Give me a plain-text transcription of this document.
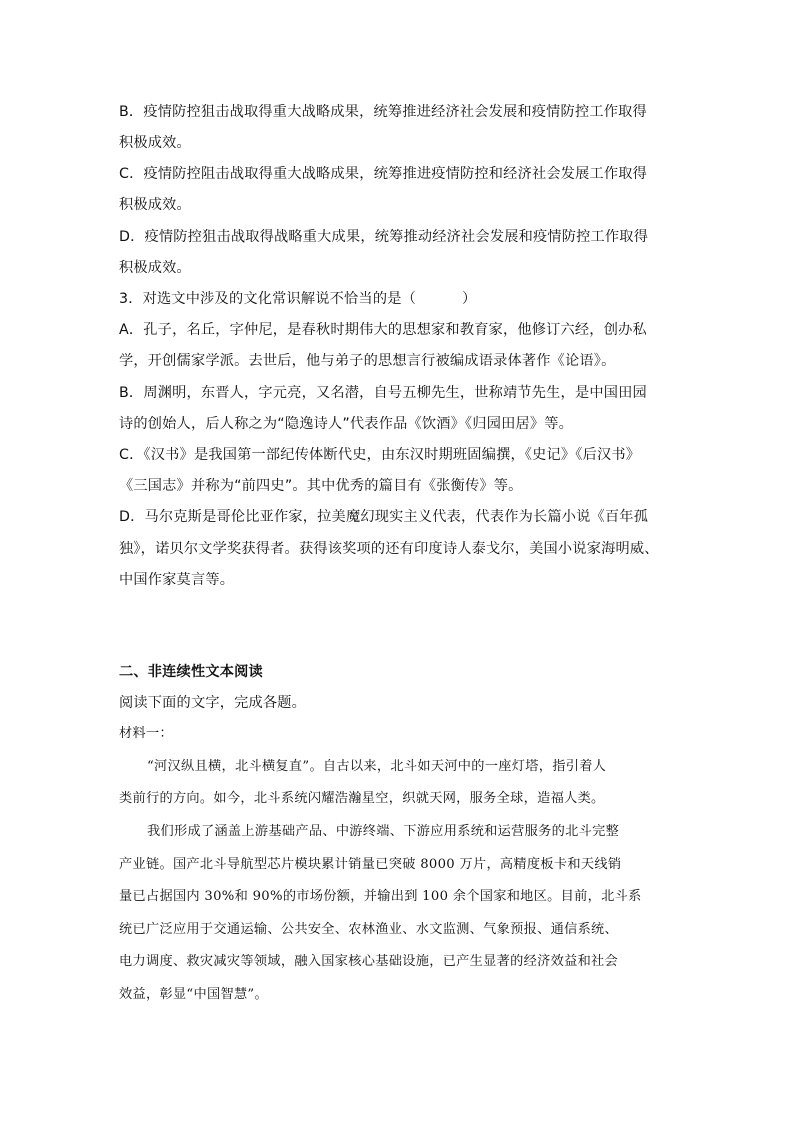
B．疫情防控狙击战取得重大战略成果，统筹推进经济社会发展和疫情防控工作取得
积极成效。
C．疫情防控阻击战取得重大战略成果，统筹推进疫情防控和经济社会发展工作取得
积极成效。
D．疫情防控狙击战取得战略重大成果，统筹推动经济社会发展和疫情防控工作取得
积极成效。
3．对选文中涉及的文化常识解说不恰当的是（	）
A．孔子，名丘，字仲尼，是春秋时期伟大的思想家和教育家，他修订六经，创办私
学，开创儒家学派。去世后，他与弟子的思想言行被编成语录体著作《论语》。
B．周渊明，东晋人，字元亮，又名潜，自号五柳先生，世称靖节先生，是中国田园
诗的创始人，后人称之为“隐逸诗人”代表作品《饮酒》《归园田居》等。
C．《汉书》是我国第一部纪传体断代史，由东汉时期班固编撰，《史记》《后汉书》
《三国志》并称为“前四史”。其中优秀的篇目有《张衡传》等。
D．马尔克斯是哥伦比亚作家，拉美魔幻现实主义代表，代表作为长篇小说《百年孤
独》，诺贝尔文学奖获得者。获得该奖项的还有印度诗人泰戈尔，美国小说家海明威、
中国作家莫言等。
二、非连续性文本阅读
阅读下面的文字，完成各题。
材料一：
“河汉纵且横，北斗横复直”。自古以来，北斗如天河中的一座灯塔，指引着人
类前行的方向。如今，北斗系统闪耀浩瀚星空，织就天网，服务全球，造福人类。
我们形成了涵盖上游基础产品、中游终端、下游应用系统和运营服务的北斗完整
产业链。国产北斗导航型芯片模块累计销量已突破 8000 万片，高精度板卡和天线销
量已占据国内 30%和 90%的市场份额，并输出到 100 余个国家和地区。目前，北斗系
统已广泛应用于交通运输、公共安全、农林渔业、水文监测、气象预报、通信系统、
电力调度、救灾减灾等领域，融入国家核心基础设施，已产生显著的经济效益和社会
效益，彰显“中国智慧”。
